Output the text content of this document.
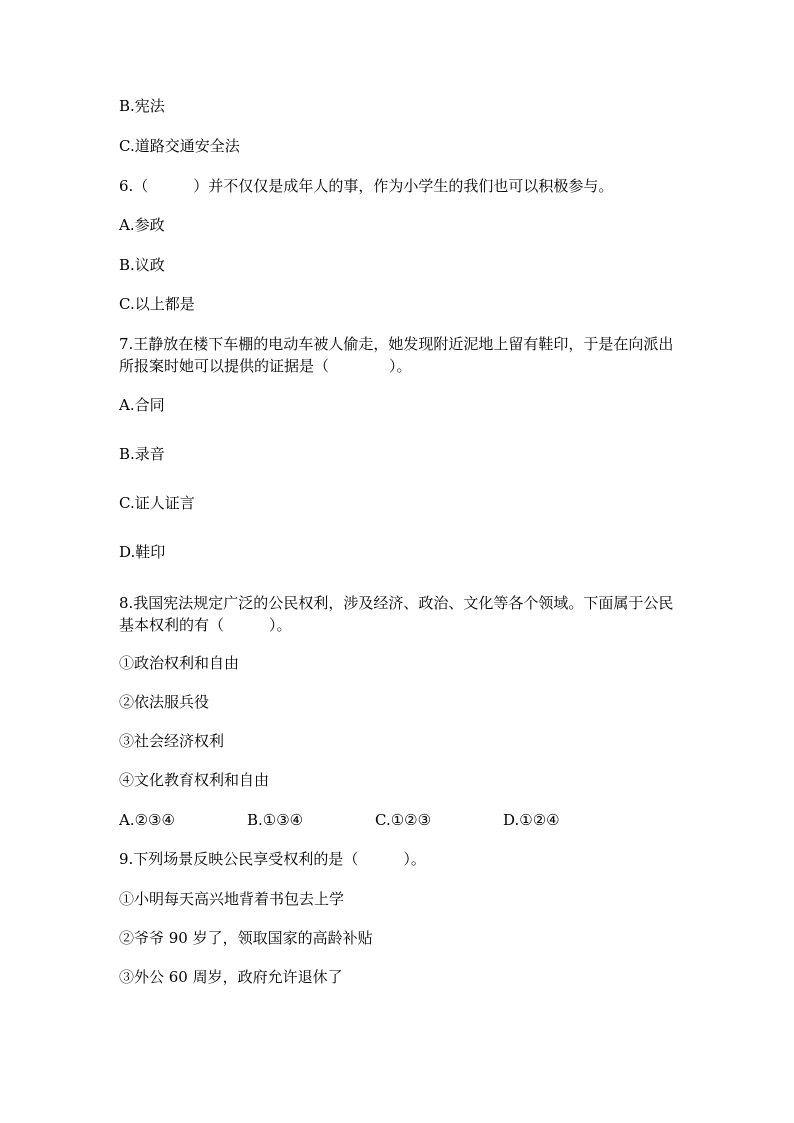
B.宪法

C.道路交通安全法

6.（　　　）并不仅仅是成年人的事，作为小学生的我们也可以积极参与。

A.参政

B.议政

C.以上都是

7.王静放在楼下车棚的电动车被人偷走，她发现附近泥地上留有鞋印，于是在向派出所报案时她可以提供的证据是（　　　　）。

A.合同

B.录音

C.证人证言

D.鞋印

8.我国宪法规定广泛的公民权利，涉及经济、政治、文化等各个领域。下面属于公民基本权利的有（　　　）。

①政治权利和自由

②依法服兵役

③社会经济权利

④文化教育权利和自由

A.②③④	B.①③④	C.①②③	D.①②④

9.下列场景反映公民享受权利的是（　　　）。

①小明每天高兴地背着书包去上学

②爷爷 90 岁了，领取国家的高龄补贴

③外公 60 周岁，政府允许退休了
